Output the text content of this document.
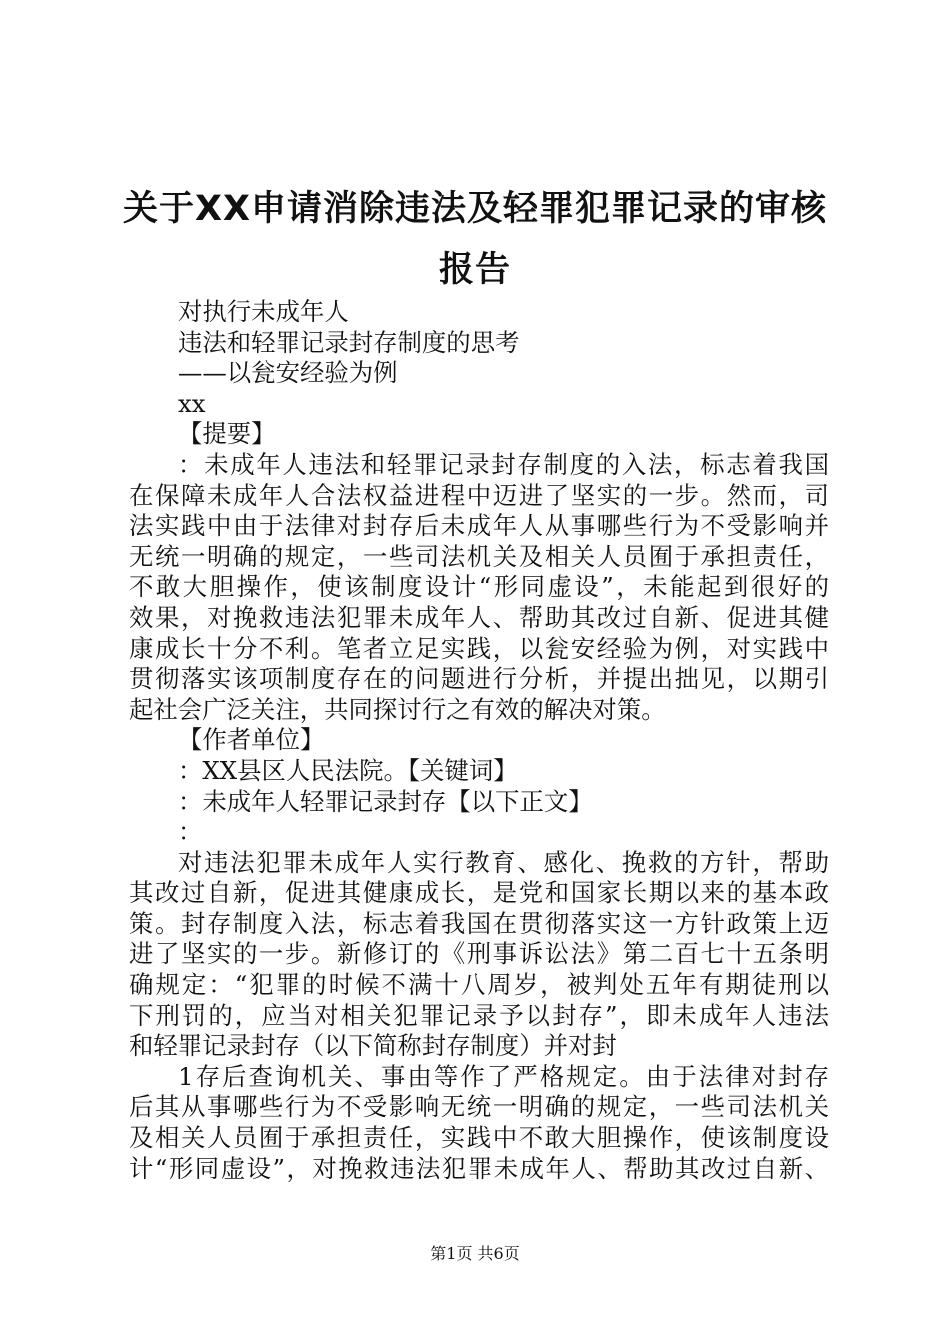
关于XX申请消除违法及轻罪犯罪记录的审核
报告
对执行未成年人
违法和轻罪记录封存制度的思考
——以瓮安经验为例
xx
【提要】
：未成年人违法和轻罪记录封存制度的入法，标志着我国
在保障未成年人合法权益进程中迈进了坚实的一步。然而，司
法实践中由于法律对封存后未成年人从事哪些行为不受影响并
无统一明确的规定，一些司法机关及相关人员囿于承担责任，
不敢大胆操作，使该制度设计“形同虚设”，未能起到很好的
效果，对挽救违法犯罪未成年人、帮助其改过自新、促进其健
康成长十分不利。笔者立足实践，以瓮安经验为例，对实践中
贯彻落实该项制度存在的问题进行分析，并提出拙见，以期引
起社会广泛关注，共同探讨行之有效的解决对策。
【作者单位】
：XX县区人民法院。【关键词】
：未成年人轻罪记录封存【以下正文】
：
对违法犯罪未成年人实行教育、感化、挽救的方针，帮助
其改过自新，促进其健康成长，是党和国家长期以来的基本政
策。封存制度入法，标志着我国在贯彻落实这一方针政策上迈
进了坚实的一步。新修订的《刑事诉讼法》第二百七十五条明
确规定：“犯罪的时候不满十八周岁，被判处五年有期徒刑以
下刑罚的，应当对相关犯罪记录予以封存”，即未成年人违法
和轻罪记录封存（以下简称封存制度）并对封
1存后查询机关、事由等作了严格规定。由于法律对封存
后其从事哪些行为不受影响无统一明确的规定，一些司法机关
及相关人员囿于承担责任，实践中不敢大胆操作，使该制度设
计“形同虚设”，对挽救违法犯罪未成年人、帮助其改过自新、
第1页 共6页
